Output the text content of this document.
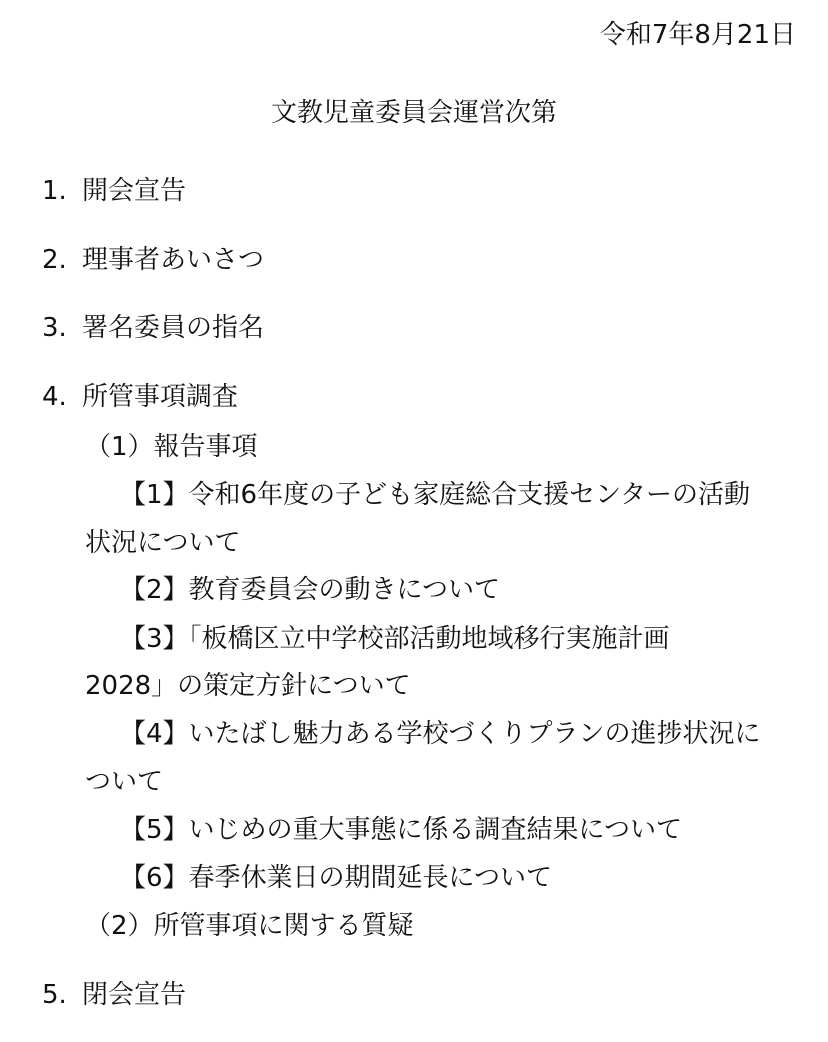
令和7年8月21日
文教児童委員会運営次第
1. 開会宣告
2. 理事者あいさつ
3. 署名委員の指名
4. 所管事項調査
（1）報告事項
【1】令和6年度の子ども家庭総合支援センターの活動
状況について
【2】教育委員会の動きについて
【3】「板橋区立中学校部活動地域移行実施計画
2028」の策定方針について
【4】いたばし魅力ある学校づくりプランの進捗状況に
ついて
【5】いじめの重大事態に係る調査結果について
【6】春季休業日の期間延長について
（2）所管事項に関する質疑
5. 閉会宣告
